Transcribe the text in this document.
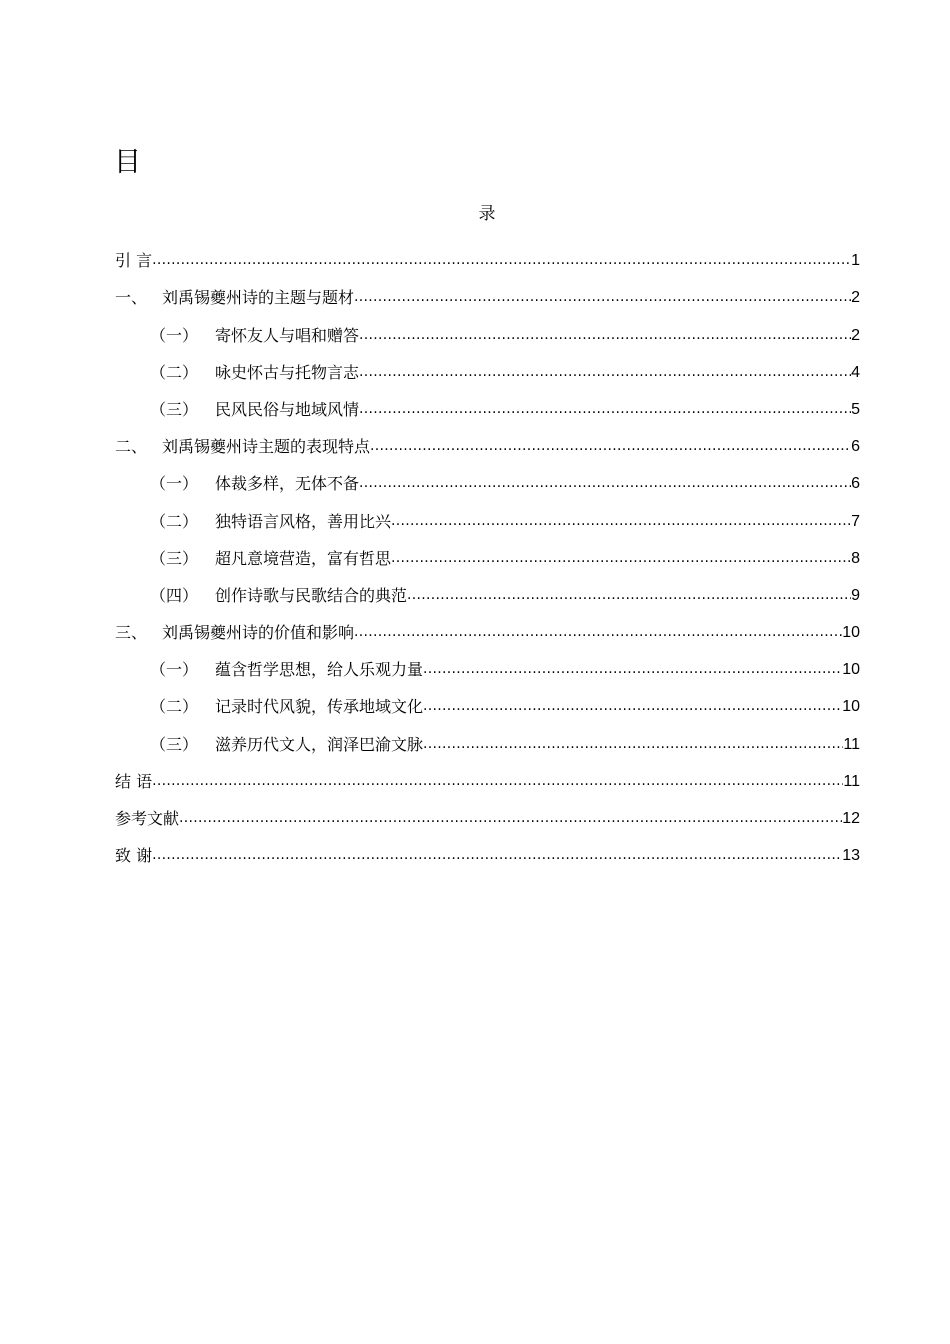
目
录
引 言 .....	1
一、 刘禹锡夔州诗的主题与题材 .....	2
（一）	寄怀友人与唱和赠答 .....	2
（二）	咏史怀古与托物言志 .....	4
（三）	民风民俗与地域风情 .....	5
二、 刘禹锡夔州诗主题的表现特点 .....	6
（一）	体裁多样，无体不备 .....	6
（二）	独特语言风格，善用比兴 .....	7
（三）	超凡意境营造，富有哲思 .....	8
（四）	创作诗歌与民歌结合的典范 .....	9
三、 刘禹锡夔州诗的价值和影响 .....	10
（一）	蕴含哲学思想，给人乐观力量 .....	10
（二）	记录时代风貌，传承地域文化 .....	10
（三）	滋养历代文人，润泽巴渝文脉 .....	11
结 语 .....	11
参考文献 .....	12
致 谢 .....	13
